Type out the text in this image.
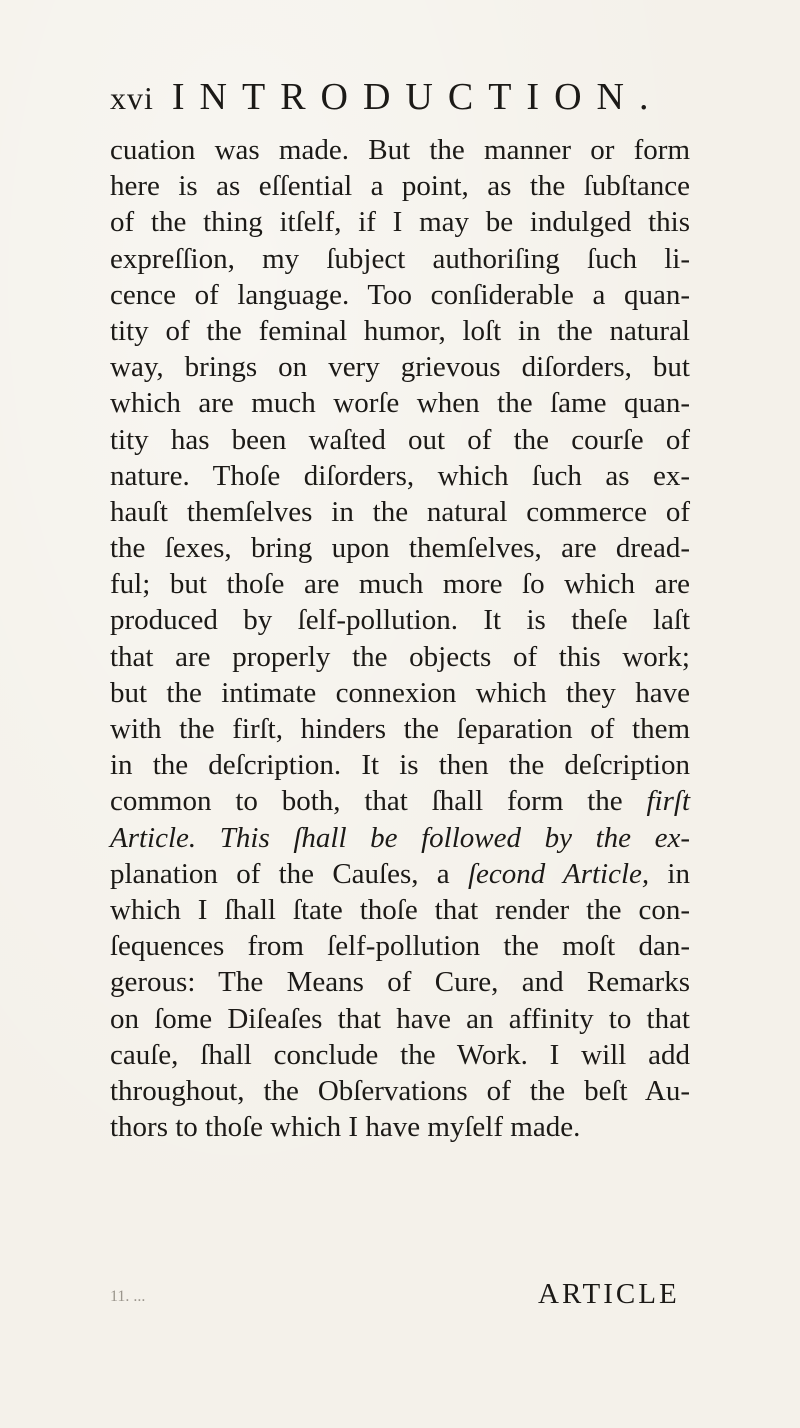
xvi INTRODUCTION.
cuation was made. But the manner or form
here is as eſſential a point, as the ſubſtance
of the thing itſelf, if I may be indulged this
expreſſion, my ſubject authoriſing ſuch li-
cence of language. Too conſiderable a quan-
tity of the feminal humor, loſt in the natural
way, brings on very grievous diſorders, but
which are much worſe when the ſame quan-
tity has been waſted out of the courſe of
nature. Thoſe diſorders, which ſuch as ex-
hauſt themſelves in the natural commerce of
the ſexes, bring upon themſelves, are dread-
ful; but thoſe are much more ſo which are
produced by ſelf-pollution. It is theſe laſt
that are properly the objects of this work;
but the intimate connexion which they have
with the firſt, hinders the ſeparation of them
in the deſcription. It is then the deſcription
common to both, that ſhall form the firſt
Article. This ſhall be followed by the ex-
planation of the Cauſes, a ſecond Article, in
which I ſhall ſtate thoſe that render the con-
ſequences from ſelf-pollution the moſt dan-
gerous: The Means of Cure, and Remarks
on ſome Diſeaſes that have an affinity to that
cauſe, ſhall conclude the Work. I will add
throughout, the Obſervations of the beſt Au-
thors to thoſe which I have myſelf made.
11. ...	ARTICLE
